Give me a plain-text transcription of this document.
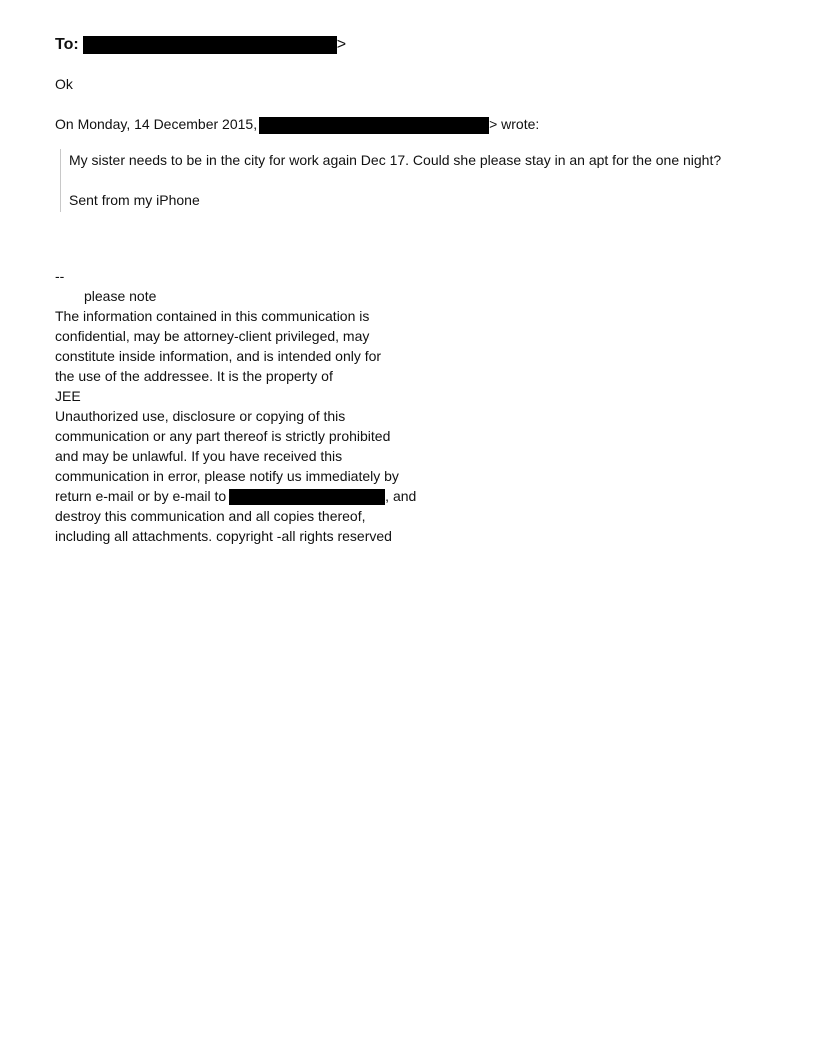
To:	>
Ok
On Monday, 14 December 2015,	> wrote:
My sister needs to be in the city for work again Dec 17. Could she please stay in an apt for the one night?
Sent from my iPhone
--
please note
The information contained in this communication is
confidential, may be attorney-client privileged, may
constitute inside information, and is intended only for
the use of the addressee. It is the property of
JEE
Unauthorized use, disclosure or copying of this
communication or any part thereof is strictly prohibited
and may be unlawful. If you have received this
communication in error, please notify us immediately by
return e-mail or by e-mail to	, and
destroy this communication and all copies thereof,
including all attachments. copyright -all rights reserved
